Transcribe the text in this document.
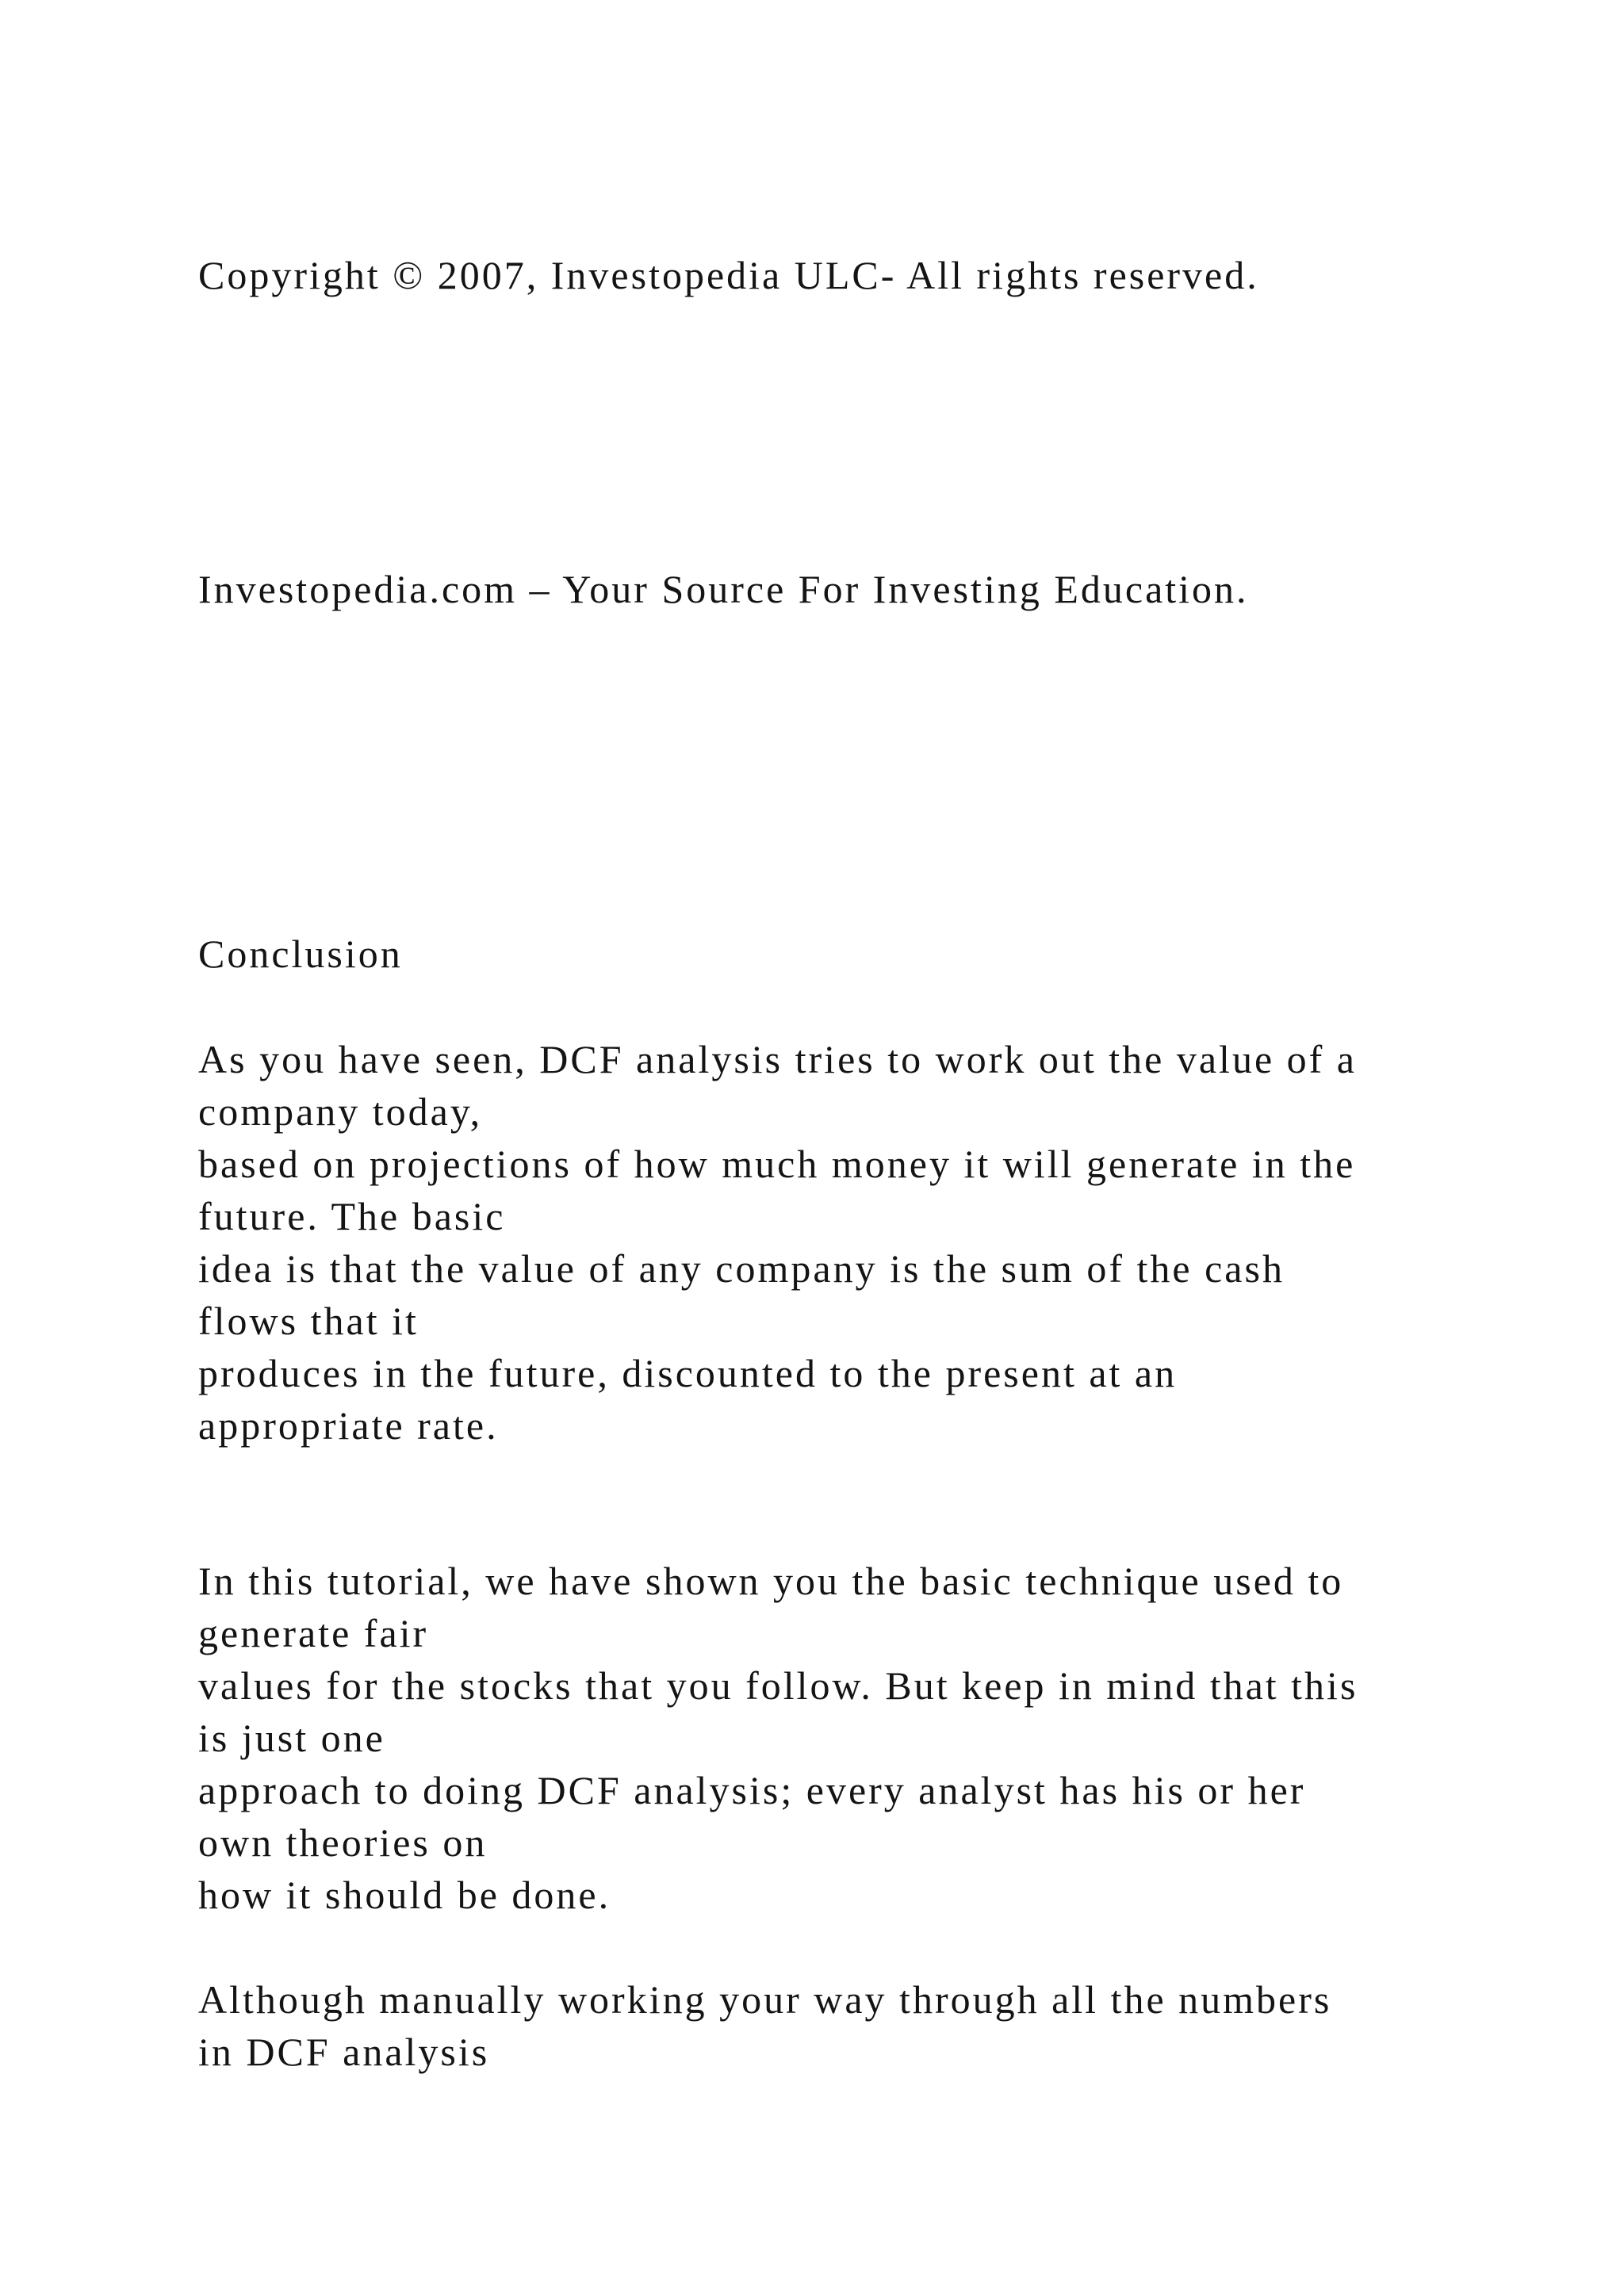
Copyright © 2007, Investopedia ULC- All rights reserved.

Investopedia.com – Your Source For Investing Education.

Conclusion

As you have seen, DCF analysis tries to work out the value of a

company today,

based on projections of how much money it will generate in the

future. The basic

idea is that the value of any company is the sum of the cash

flows that it

produces in the future, discounted to the present at an

appropriate rate.

In this tutorial, we have shown you the basic technique used to

generate fair

values for the stocks that you follow. But keep in mind that this

is just one

approach to doing DCF analysis; every analyst has his or her

own theories on

how it should be done.

Although manually working your way through all the numbers

in DCF analysis
